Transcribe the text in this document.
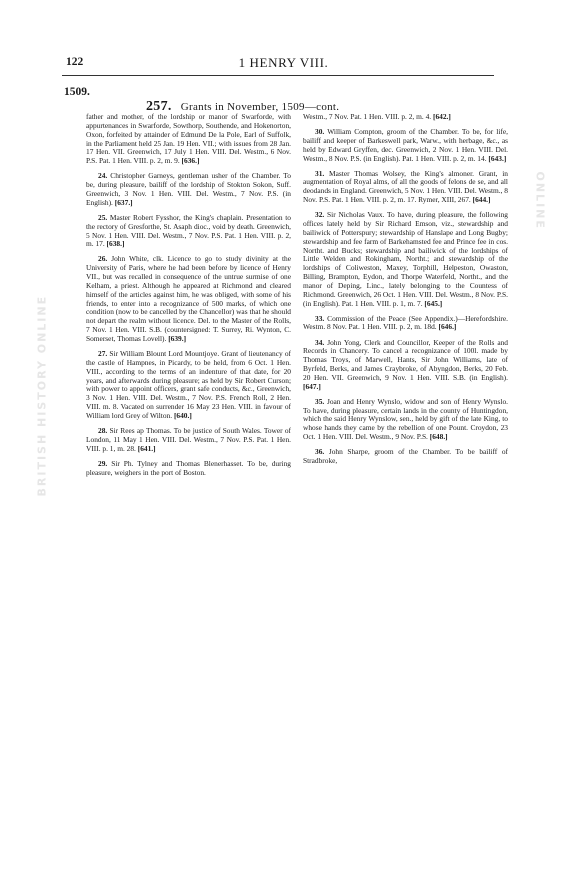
122	1 HENRY VIII.
1509.
257. Grants in November, 1509—cont.

father and mother, of the lordship or manor of Swarforde, with appurtenances in Swarforde, Sowthorp, Southende, and Hokenorton, Oxon, forfeited by attainder of Edmund De la Pole, Earl of Suffolk, in the Parliament held 25 Jan. 19 Hen. VII.; with issues from 28 Jan. 17 Hen. VII. Greenwich, 17 July 1 Hen. VIII. Del. Westm., 6 Nov. P.S. Pat. 1 Hen. VIII. p. 2, m. 9. [636.]

24. Christopher Garneys, gentleman usher of the Chamber. To be, during pleasure, bailiff of the lordship of Stokton Sokon, Suff. Greenwich, 3 Nov. 1 Hen. VIII. Del. Westm., 7 Nov. P.S. (in English). [637.]

25. Master Robert Fysshor, the King's chaplain. Presentation to the rectory of Gresforthe, St. Asaph dioc., void by death. Greenwich, 5 Nov. 1 Hen. VIII. Del. Westm., 7 Nov. P.S. Pat. 1 Hen. VIII. p. 2, m. 17. [638.]

26. John White, clk. Licence to go to study divinity at the University of Paris, where he had been before by licence of Henry VII., but was recalled in consequence of the untrue surmise of one Kelham, a priest. Although he appeared at Richmond and cleared himself of the articles against him, he was obliged, with some of his friends, to enter into a recognizance of 500 marks, of which one condition (now to be cancelled by the Chancellor) was that he should not depart the realm without licence. Del. to the Master of the Rolls, 7 Nov. 1 Hen. VIII. S.B. (countersigned: T. Surrey, Ri. Wynton, C. Somerset, Thomas Lovell). [639.]

27. Sir William Blount Lord Mountjoye. Grant of lieutenancy of the castle of Hampnes, in Picardy, to be held, from 6 Oct. 1 Hen. VIII., according to the terms of an indenture of that date, for 20 years, and afterwards during pleasure; as held by Sir Robert Curson; with power to appoint officers, grant safe conducts, &c., Greenwich, 3 Nov. 1 Hen. VIII. Del. Westm., 7 Nov. P.S. French Roll, 2 Hen. VIII. m. 8. Vacated on surrender 16 May 23 Hen. VIII. in favour of William lord Grey of Wilton. [640.]

28. Sir Rees ap Thomas. To be justice of South Wales. Tower of London, 11 May 1 Hen. VIII. Del. Westm., 7 Nov. P.S. Pat. 1 Hen. VIII. p. 1, m. 28. [641.]

29. Sir Ph. Tylney and Thomas Blenerhasset. To be, during pleasure, weighers in the port of Boston.

Westm., 7 Nov. Pat. 1 Hen. VIII. p. 2, m. 4. [642.]

30. William Compton, groom of the Chamber. To be, for life, bailiff and keeper of Barkeswell park, Warw., with herbage, &c., as held by Edward Gryffen, dec. Greenwich, 2 Nov. 1 Hen. VIII. Del. Westm., 8 Nov. P.S. (in English). Pat. 1 Hen. VIII. p. 2, m. 14. [643.]

31. Master Thomas Wolsey, the King's almoner. Grant, in augmentation of Royal alms, of all the goods of felons de se, and all deodands in England. Greenwich, 5 Nov. 1 Hen. VIII. Del. Westm., 8 Nov. P.S. Pat. 1 Hen. VIII. p. 2, m. 17. Rymer, XIII, 267. [644.]

32. Sir Nicholas Vaux. To have, during pleasure, the following offices lately held by Sir Richard Emson, viz., stewardship and bailiwick of Potterspury; stewardship of Hanslape and Long Bugby; stewardship and fee farm of Barkehamsted fee and Prince fee in cos. Northt. and Bucks; stewardship and bailiwick of the lordships of Little Welden and Rokingham, Northt.; and stewardship of the lordships of Coliweston, Maxey, Torphill, Helpeston, Owaston, Billing, Brampton, Eydon, and Thorpe Waterfeld, Northt., and the manor of Deping, Linc., lately belonging to the Countess of Richmond. Greenwich, 26 Oct. 1 Hen. VIII. Del. Westm., 8 Nov. P.S. (in English). Pat. 1 Hen. VIII. p. 1, m. 7. [645.]

33. Commission of the Peace (See Appendix.)—Herefordshire. Westm. 8 Nov. Pat. 1 Hen. VIII. p. 2, m. 18d. [646.]

34. John Yong, Clerk and Councillor, Keeper of the Rolls and Records in Chancery. To cancel a recognizance of 100l. made by Thomas Troys, of Marwell, Hants, Sir John Williams, late of Byrfeld, Berks, and James Craybroke, of Abyngdon, Berks, 20 Feb. 20 Hen. VII. Greenwich, 9 Nov. 1 Hen. VIII. S.B. (in English). [647.]

35. Joan and Henry Wynslo, widow and son of Henry Wynslo. To have, during pleasure, certain lands in the county of Huntingdon, which the said Henry Wynslow, sen., held by gift of the late King, to whose hands they came by the rebellion of one Pount. Croydon, 23 Oct. 1 Hen. VIII. Del. Westm., 9 Nov. P.S. [648.]

36. John Sharpe, groom of the Chamber. To be bailiff of Stradbroke,

BRITISH HISTORY ONLINE
ONLINE
